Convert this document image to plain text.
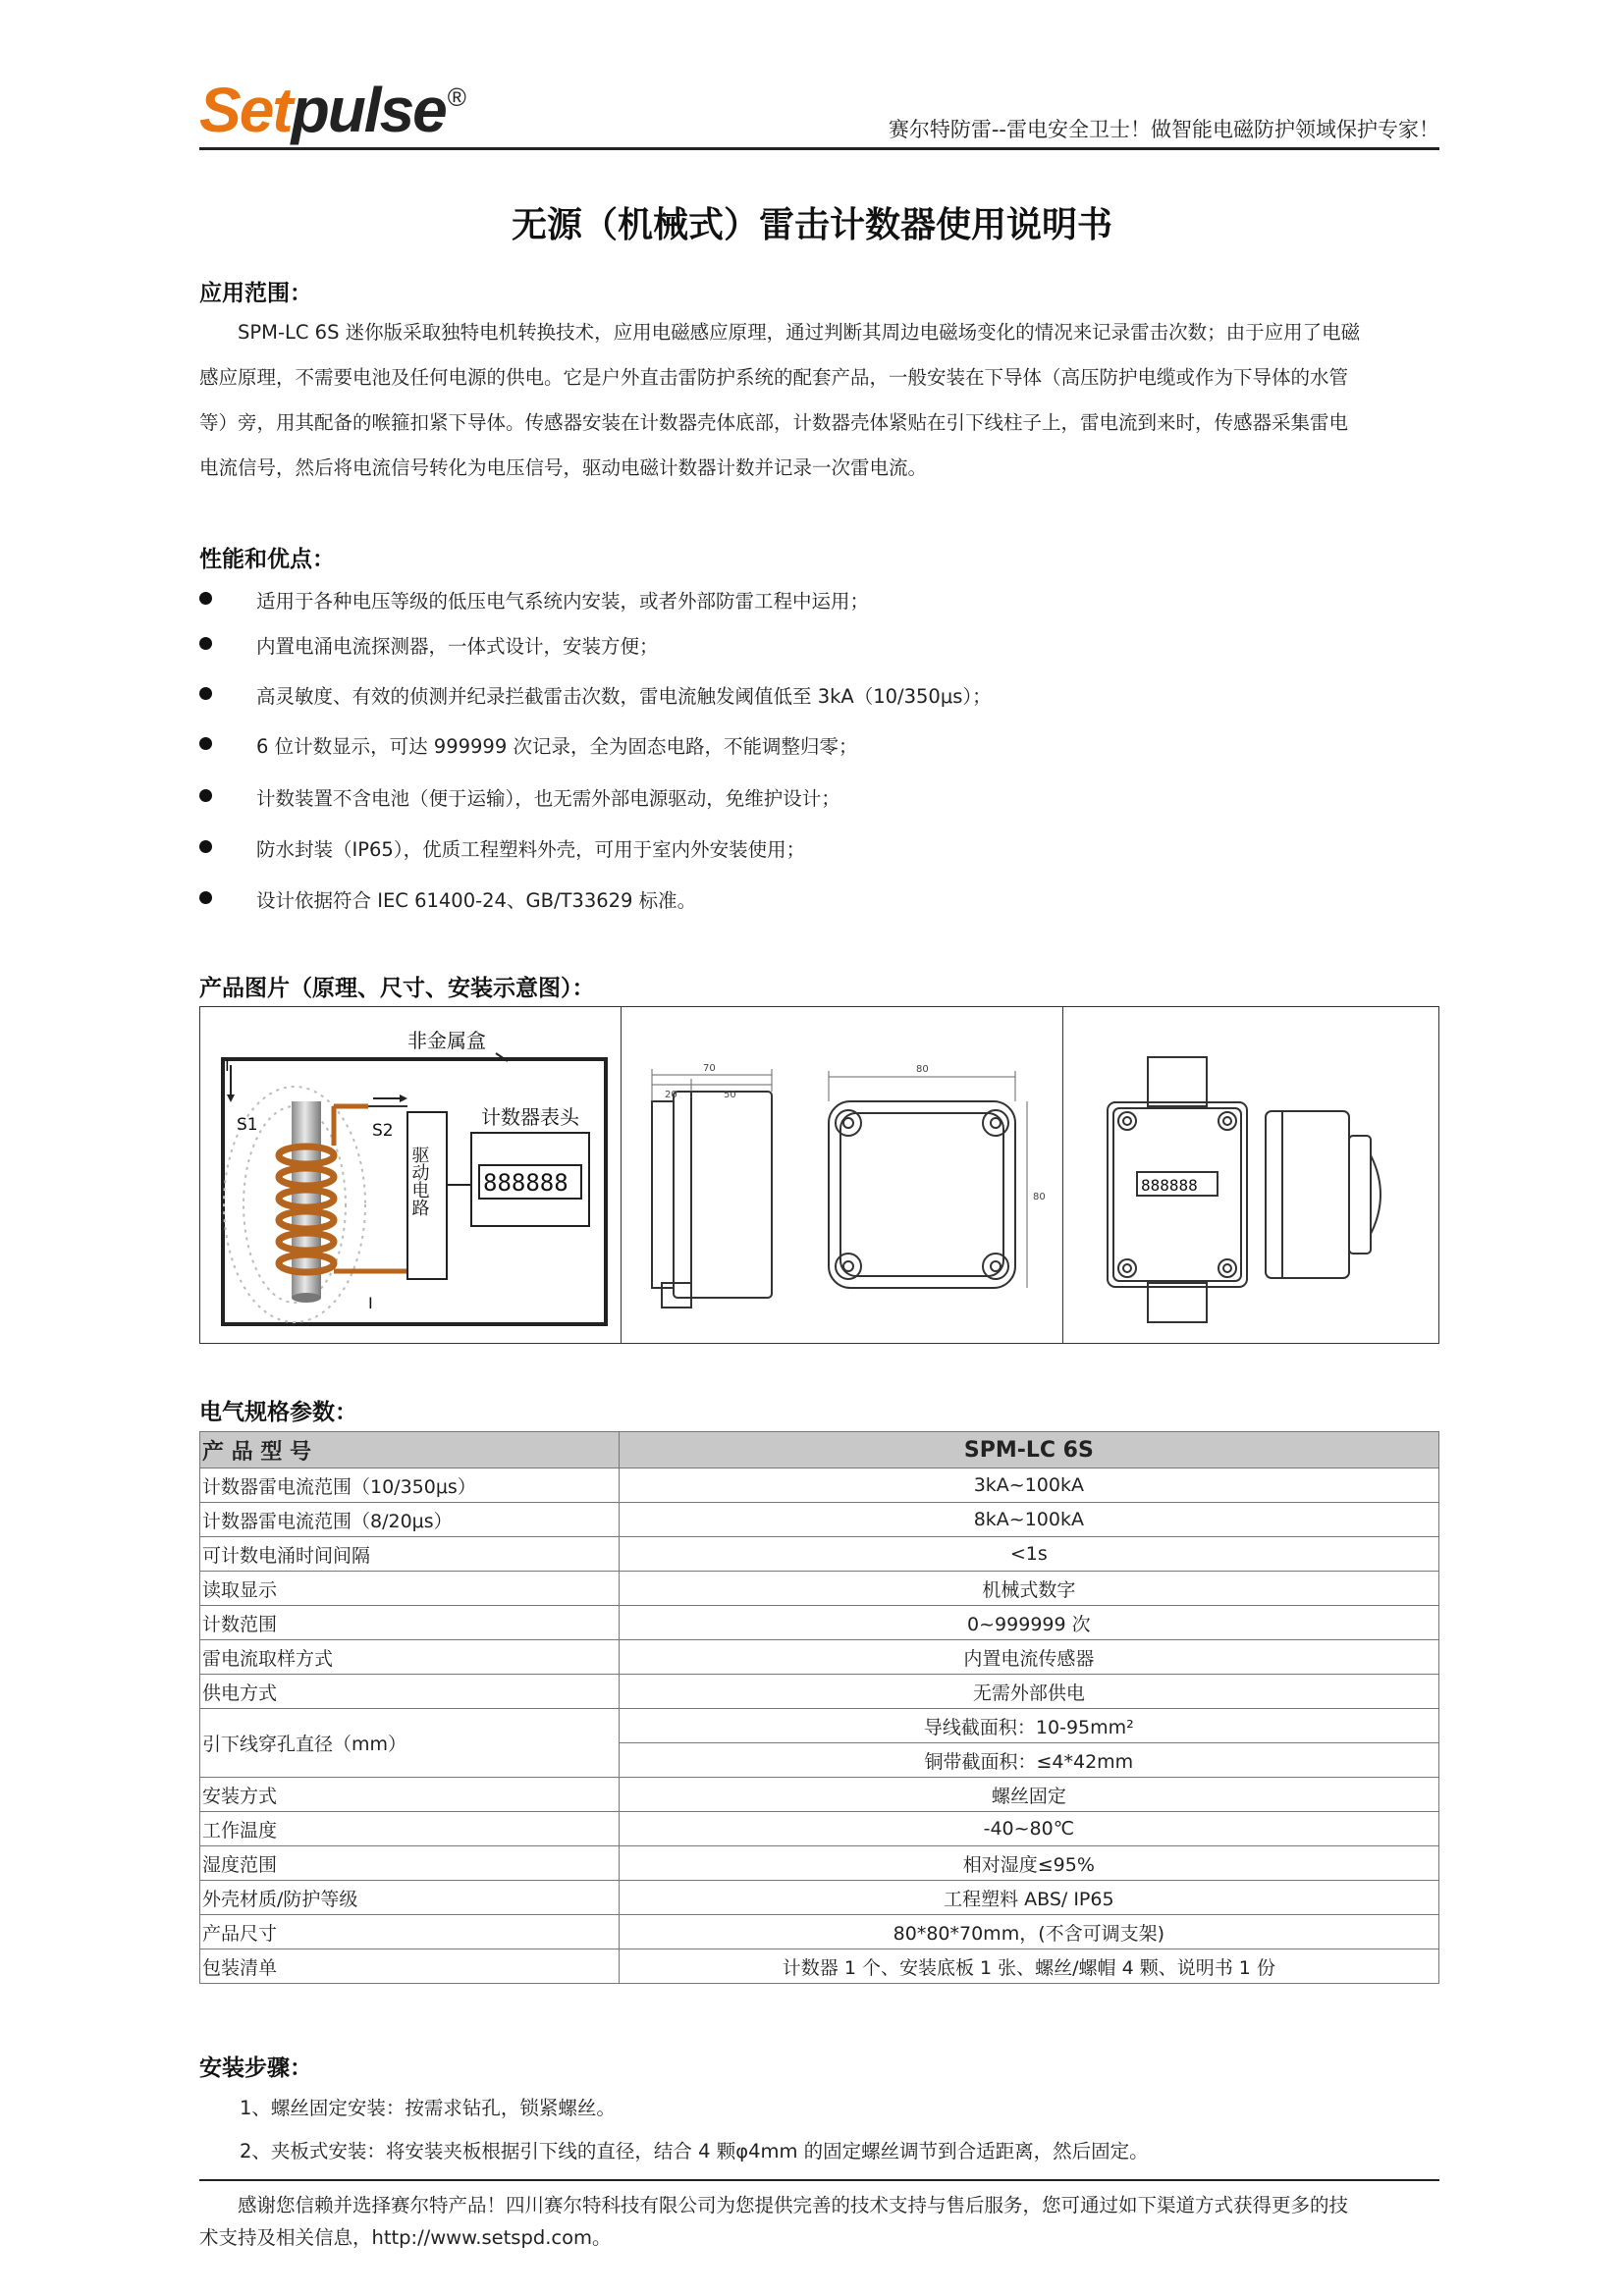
Setpulse®
赛尔特防雷--雷电安全卫士！做智能电磁防护领域保护专家！
无源（机械式）雷击计数器使用说明书
应用范围：
　　SPM-LC 6S 迷你版采取独特电机转换技术，应用电磁感应原理，通过判断其周边电磁场变化的情况来记录雷击次数；由于应用了电磁
感应原理，不需要电池及任何电源的供电。它是户外直击雷防护系统的配套产品，一般安装在下导体（高压防护电缆或作为下导体的水管
等）旁，用其配备的喉箍扣紧下导体。传感器安装在计数器壳体底部，计数器壳体紧贴在引下线柱子上，雷电流到来时，传感器采集雷电
电流信号，然后将电流信号转化为电压信号，驱动电磁计数器计数并记录一次雷电流。
性能和优点：
适用于各种电压等级的低压电气系统内安装，或者外部防雷工程中运用；
内置电涌电流探测器，一体式设计，安装方便；
高灵敏度、有效的侦测并纪录拦截雷击次数，雷电流触发阈值低至 3kA（10/350μs）；
6 位计数显示，可达 999999 次记录，全为固态电路，不能调整归零；
计数装置不含电池（便于运输），也无需外部电源驱动，免维护设计；
防水封装（IP65），优质工程塑料外壳，可用于室内外安装使用；
设计依据符合 IEC 61400-24、GB/T33629 标准。
产品图片（原理、尺寸、安装示意图）：
非金属盒
I
S1	S2
I
驱动电路
计数器表头
888888
70
20	50
80
80
888888
电气规格参数：
产 品 型 号	SPM-LC 6S
计数器雷电流范围（10/350μs）	3kA~100kA
计数器雷电流范围（8/20μs）	8kA~100kA
可计数电涌时间间隔	<1s
读取显示	机械式数字
计数范围	0~999999 次
雷电流取样方式	内置电流传感器
供电方式	无需外部供电
引下线穿孔直径（mm）	导线截面积：10-95mm²
	铜带截面积：≤4*42mm
安装方式	螺丝固定
工作温度	-40~80℃
湿度范围	相对湿度≤95%
外壳材质/防护等级	工程塑料 ABS/ IP65
产品尺寸	80*80*70mm，(不含可调支架)
包装清单	计数器 1 个、安装底板 1 张、螺丝/螺帽 4 颗、说明书 1 份
安装步骤：
1、螺丝固定安装：按需求钻孔，锁紧螺丝。
2、夹板式安装：将安装夹板根据引下线的直径，结合 4 颗φ4mm 的固定螺丝调节到合适距离，然后固定。
　　感谢您信赖并选择赛尔特产品！四川赛尔特科技有限公司为您提供完善的技术支持与售后服务，您可通过如下渠道方式获得更多的技
术支持及相关信息，http://www.setspd.com。
